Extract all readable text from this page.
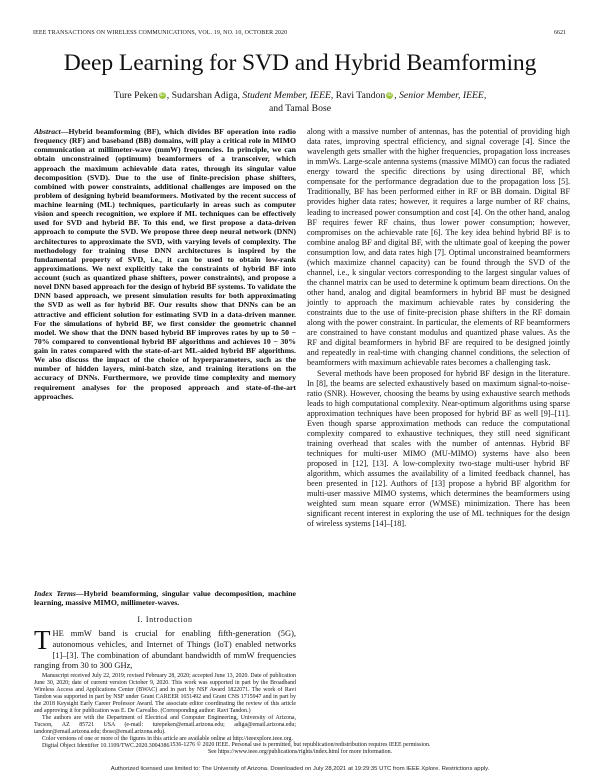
IEEE TRANSACTIONS ON WIRELESS COMMUNICATIONS, VOL. 19, NO. 10, OCTOBER 2020	6621
Deep Learning for SVD and Hybrid Beamforming
Ture Peken iD , Sudarshan Adiga, Student Member, IEEE, Ravi Tandon iD , Senior Member, IEEE,
and Tamal Bose
Abstract—Hybrid beamforming (BF), which divides BF operation into radio frequency (RF) and baseband (BB) domains, will play a critical role in MIMO communication at millimeter-wave (mmW) frequencies. In principle, we can obtain unconstrained (optimum) beamformers of a transceiver, which approach the maximum achievable data rates, through its singular value decomposition (SVD). Due to the use of finite-precision phase shifters, combined with power constraints, additional challenges are imposed on the problem of designing hybrid beamformers. Motivated by the recent success of machine learning (ML) techniques, particularly in areas such as computer vision and speech recognition, we explore if ML techniques can be effectively used for SVD and hybrid BF. To this end, we first propose a data-driven approach to compute the SVD. We propose three deep neural network (DNN) architectures to approximate the SVD, with varying levels of complexity. The methodology for training these DNN architectures is inspired by the fundamental property of SVD, i.e., it can be used to obtain low-rank approximations. We next explicitly take the constraints of hybrid BF into account (such as quantized phase shifters, power constraints), and propose a novel DNN based approach for the design of hybrid BF systems. To validate the DNN based approach, we present simulation results for both approximating the SVD as well as for hybrid BF. Our results show that DNNs can be an attractive and efficient solution for estimating SVD in a data-driven manner. For the simulations of hybrid BF, we first consider the geometric channel model. We show that the DNN based hybrid BF improves rates by up to 50 − 70% compared to conventional hybrid BF algorithms and achieves 10 − 30% gain in rates compared with the state-of-art ML-aided hybrid BF algorithms. We also discuss the impact of the choice of hyperparameters, such as the number of hidden layers, mini-batch size, and training iterations on the accuracy of DNNs. Furthermore, we provide time complexity and memory requirement analyses for the proposed approach and state-of-the-art approaches.
Index Terms—Hybrid beamforming, singular value decomposition, machine learning, massive MIMO, millimeter-waves.
I. Introduction
THE mmW band is crucial for enabling fifth-generation (5G), autonomous vehicles, and Internet of Things (IoT) enabled networks [1]–[3]. The combination of abundant bandwidth of mmW frequencies ranging from 30 to 300 GHz,

Manuscript received July 22, 2019; revised February 28, 2020; accepted June 13, 2020. Date of publication June 30, 2020; date of current version October 9, 2020. This work was supported in part by the Broadband Wireless Access and Applications Center (BWAC) and in part by NSF Award 1822071. The work of Ravi Tandon was supported in part by NSF under Grant CAREER 1651492 and Grant CNS 1715947 and in part by the 2018 Keysight Early Career Professor Award. The associate editor coordinating the review of this article and approving it for publication was E. De Carvalho. (Corresponding author: Ravi Tandon.)

The authors are with the Department of Electrical and Computer Engineering, University of Arizona, Tucson, AZ 85721 USA (e-mail: turepeken@email.arizona.edu; adiga@email.arizona.edu; tandonr@email.arizona.edu; tbose@email.arizona.edu).

Color versions of one or more of the figures in this article are available online at http://ieeexplore.ieee.org.

Digital Object Identifier 10.1109/TWC.2020.3004386

along with a massive number of antennas, has the potential of providing high data rates, improving spectral efficiency, and signal coverage [4]. Since the wavelength gets smaller with the higher frequencies, propagation loss increases in mmWs. Large-scale antenna systems (massive MIMO) can focus the radiated energy toward the specific directions by using directional BF, which compensate for the performance degradation due to the propagation loss [5]. Traditionally, BF has been performed either in RF or BB domain. Digital BF provides higher data rates; however, it requires a large number of RF chains, leading to increased power consumption and cost [4]. On the other hand, analog BF requires fewer RF chains, thus lower power consumption; however, compromises on the achievable rate [6]. The key idea behind hybrid BF is to combine analog BF and digital BF, with the ultimate goal of keeping the power consumption low, and data rates high [7]. Optimal unconstrained beamformers (which maximize channel capacity) can be found through the SVD of the channel, i.e., k singular vectors corresponding to the largest singular values of the channel matrix can be used to determine k optimum beam directions. On the other hand, analog and digital beamformers in hybrid BF must be designed jointly to approach the maximum achievable rates by considering the constraints due to the use of finite-precision phase shifters in the RF domain along with the power constraint. In particular, the elements of RF beamformers are constrained to have constant modulus and quantized phase values. As the RF and digital beamformers in hybrid BF are required to be designed jointly and repeatedly in real-time with changing channel conditions, the selection of beamformers with maximum achievable rates becomes a challenging task.

Several methods have been proposed for hybrid BF design in the literature. In [8], the beams are selected exhaustively based on maximum signal-to-noise-ratio (SNR). However, choosing the beams by using exhaustive search methods leads to high computational complexity. Near-optimum algorithms using sparse approximation techniques have been proposed for hybrid BF as well [9]–[11]. Even though sparse approximation methods can reduce the computational complexity compared to exhaustive techniques, they still need significant training overhead that scales with the number of antennas. Hybrid BF techniques for multi-user MIMO (MU-MIMO) systems have also been proposed in [12], [13]. A low-complexity two-stage multi-user hybrid BF algorithm, which assumes the availability of a limited feedback channel, has been presented in [12]. Authors of [13] propose a hybrid BF algorithm for multi-user massive MIMO systems, which determines the beamformers using weighted sum mean square error (WMSE) minimization. There has been significant recent interest in exploring the use of ML techniques for the design of wireless systems [14]–[18].

1536-1276 © 2020 IEEE. Personal use is permitted, but republication/redistribution requires IEEE permission.
See https://www.ieee.org/publications/rights/index.html for more information.
Authorized licensed use limited to: The University of Arizona. Downloaded on July 28,2021 at 19:29:35 UTC from IEEE Xplore. Restrictions apply.
